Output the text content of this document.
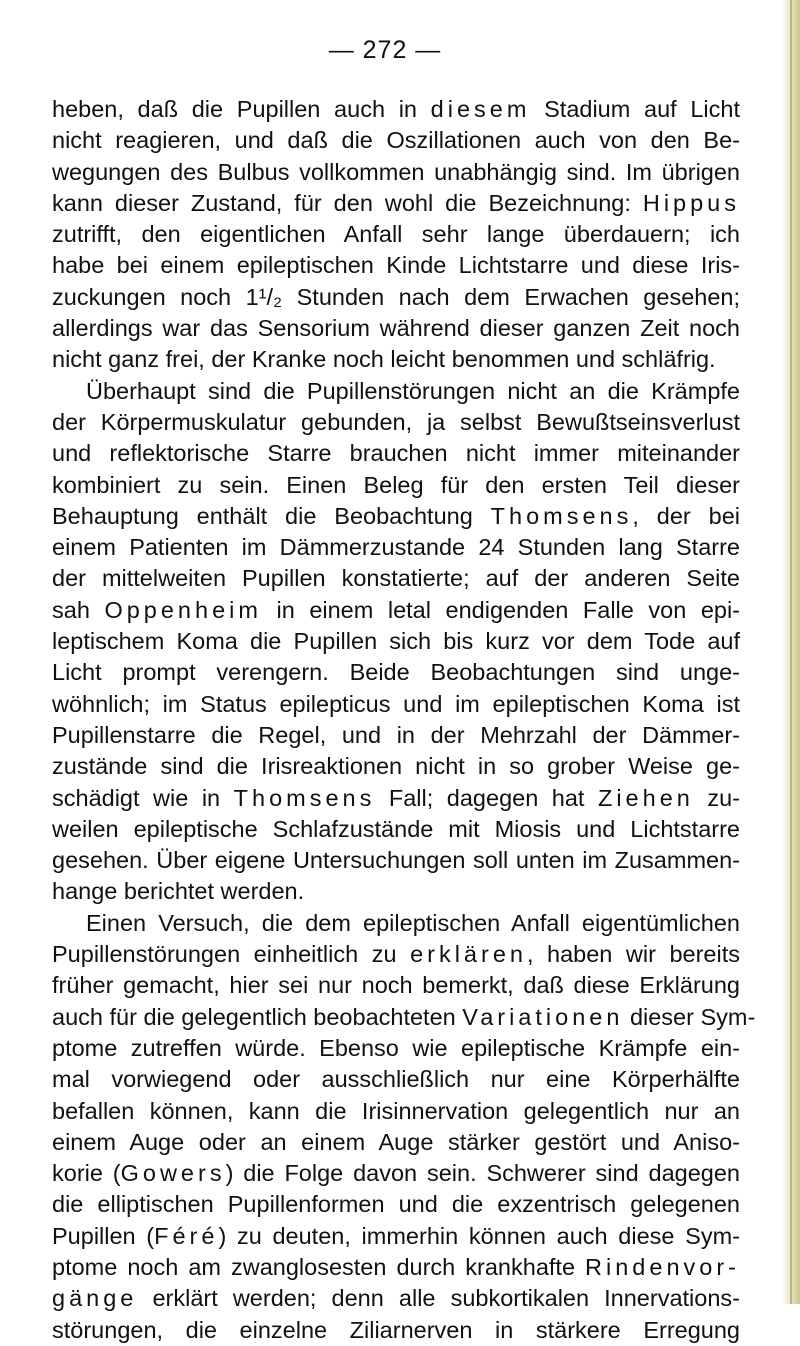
— 272 —
heben, daß die Pupillen auch in diesem Stadium auf Licht
nicht reagieren, und daß die Oszillationen auch von den Be-
wegungen des Bulbus vollkommen unabhängig sind. Im übrigen
kann dieser Zustand, für den wohl die Bezeichnung: Hippus
zutrifft, den eigentlichen Anfall sehr lange überdauern; ich
habe bei einem epileptischen Kinde Lichtstarre und diese Iris-
zuckungen noch 1¹/₂ Stunden nach dem Erwachen gesehen;
allerdings war das Sensorium während dieser ganzen Zeit noch
nicht ganz frei, der Kranke noch leicht benommen und schläfrig.
Überhaupt sind die Pupillenstörungen nicht an die Krämpfe
der Körpermuskulatur gebunden, ja selbst Bewußtseinsverlust
und reflektorische Starre brauchen nicht immer miteinander
kombiniert zu sein. Einen Beleg für den ersten Teil dieser
Behauptung enthält die Beobachtung Thomsens, der bei
einem Patienten im Dämmerzustande 24 Stunden lang Starre
der mittelweiten Pupillen konstatierte; auf der anderen Seite
sah Oppenheim in einem letal endigenden Falle von epi-
leptischem Koma die Pupillen sich bis kurz vor dem Tode auf
Licht prompt verengern. Beide Beobachtungen sind unge-
wöhnlich; im Status epilepticus und im epileptischen Koma ist
Pupillenstarre die Regel, und in der Mehrzahl der Dämmer-
zustände sind die Irisreaktionen nicht in so grober Weise ge-
schädigt wie in Thomsens Fall; dagegen hat Ziehen zu-
weilen epileptische Schlafzustände mit Miosis und Lichtstarre
gesehen. Über eigene Untersuchungen soll unten im Zusammen-
hange berichtet werden.
Einen Versuch, die dem epileptischen Anfall eigentümlichen
Pupillenstörungen einheitlich zu erklären, haben wir bereits
früher gemacht, hier sei nur noch bemerkt, daß diese Erklärung
auch für die gelegentlich beobachteten Variationen dieser Sym-
ptome zutreffen würde. Ebenso wie epileptische Krämpfe ein-
mal vorwiegend oder ausschließlich nur eine Körperhälfte
befallen können, kann die Irisinnervation gelegentlich nur an
einem Auge oder an einem Auge stärker gestört und Aniso-
korie (Gowers) die Folge davon sein. Schwerer sind dagegen
die elliptischen Pupillenformen und die exzentrisch gelegenen
Pupillen (Féré) zu deuten, immerhin können auch diese Sym-
ptome noch am zwanglosesten durch krankhafte Rindenvor-
gänge erklärt werden; denn alle subkortikalen Innervations-
störungen, die einzelne Ziliarnerven in stärkere Erregung
